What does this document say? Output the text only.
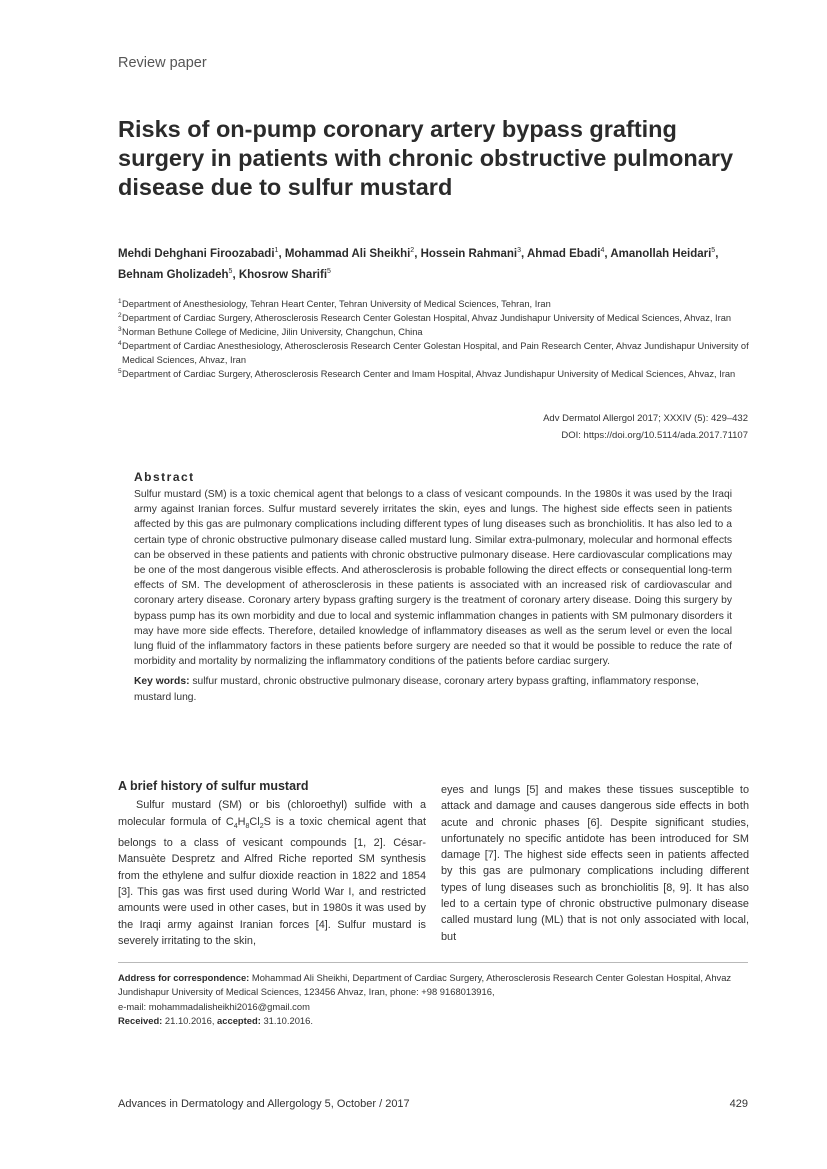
Review paper
Risks of on-pump coronary artery bypass grafting surgery in patients with chronic obstructive pulmonary disease due to sulfur mustard

Mehdi Dehghani Firoozabadi$^1$, Mohammad Ali Sheikhi$^2$, Hossein Rahmani$^3$, Ahmad Ebadi$^4$, Amanollah Heidari$^5$,
Behnam Gholizadeh$^5$, Khosrow Sharifi$^5$

1 Department of Anesthesiology, Tehran Heart Center, Tehran University of Medical Sciences, Tehran, Iran
2 Department of Cardiac Surgery, Atherosclerosis Research Center Golestan Hospital, Ahvaz Jundishapur University of Medical Sciences, Ahvaz, Iran
3 Norman Bethune College of Medicine, Jilin University, Changchun, China
4 Department of Cardiac Anesthesiology, Atherosclerosis Research Center Golestan Hospital, and Pain Research Center, Ahvaz Jundishapur University of Medical Sciences, Ahvaz, Iran
5 Department of Cardiac Surgery, Atherosclerosis Research Center and Imam Hospital, Ahvaz Jundishapur University of Medical Sciences, Ahvaz, Iran
Adv Dermatol Allergol 2017; XXXIV (5): 429–432
DOI: https://doi.org/10.5114/ada.2017.71107
Abstract

Sulfur mustard (SM) is a toxic chemical agent that belongs to a class of vesicant compounds. In the 1980s it was used by the Iraqi army against Iranian forces. Sulfur mustard severely irritates the skin, eyes and lungs. The highest side effects seen in patients affected by this gas are pulmonary complications including different types of lung diseases such as bronchiolitis. It has also led to a certain type of chronic obstructive pulmonary disease called mustard lung. Similar extra-pulmonary, molecular and hormonal effects can be observed in these patients and patients with chronic obstructive pulmonary disease. Here cardiovascular complications may be one of the most dangerous visible effects. And atherosclerosis is probable following the direct effects or consequential long-term effects of SM. The development of atherosclerosis in these patients is associated with an increased risk of cardiovascular and coronary artery disease. Coronary artery bypass grafting surgery is the treatment of coronary artery disease. Doing this surgery by bypass pump has its own morbidity and due to local and systemic inflammation changes in patients with SM pulmonary disorders it may have more side effects. Therefore, detailed knowledge of inflammatory diseases as well as the serum level or even the local lung fluid of the inflammatory factors in these patients before surgery are needed so that it would be possible to reduce the rate of morbidity and mortality by normalizing the inflammatory conditions of the patients before cardiac surgery.

Key words: sulfur mustard, chronic obstructive pulmonary disease, coronary artery bypass grafting, inflammatory response, mustard lung.

A brief history of sulfur mustard

Sulfur mustard (SM) or bis (chloroethyl) sulfide with a molecular formula of $C_4H_8Cl_2S$ is a toxic chemical agent that belongs to a class of vesicant compounds [1, 2]. César-Mansuète Despretz and Alfred Riche reported SM synthesis from the ethylene and sulfur dioxide reaction in 1822 and 1854 [3]. This gas was first used during World War I, and restricted amounts were used in other cases, but in 1980s it was used by the Iraqi army against Iranian forces [4]. Sulfur mustard is severely irritating to the skin,

eyes and lungs [5] and makes these tissues susceptible to attack and damage and causes dangerous side effects in both acute and chronic phases [6]. Despite significant studies, unfortunately no specific antidote has been introduced for SM damage [7]. The highest side effects seen in patients affected by this gas are pulmonary complications including different types of lung diseases such as bronchiolitis [8, 9]. It has also led to a certain type of chronic obstructive pulmonary disease called mustard lung (ML) that is not only associated with local, but

Address for correspondence: Mohammad Ali Sheikhi, Department of Cardiac Surgery, Atherosclerosis Research Center Golestan Hospital, Ahvaz Jundishapur University of Medical Sciences, 123456 Ahvaz, Iran, phone: +98 9168013916,

e-mail: mohammadalisheikhi2016@gmail.com

Received: 21.10.2016, accepted: 31.10.2016.

Advances in Dermatology and Allergology 5, October / 2017	429
